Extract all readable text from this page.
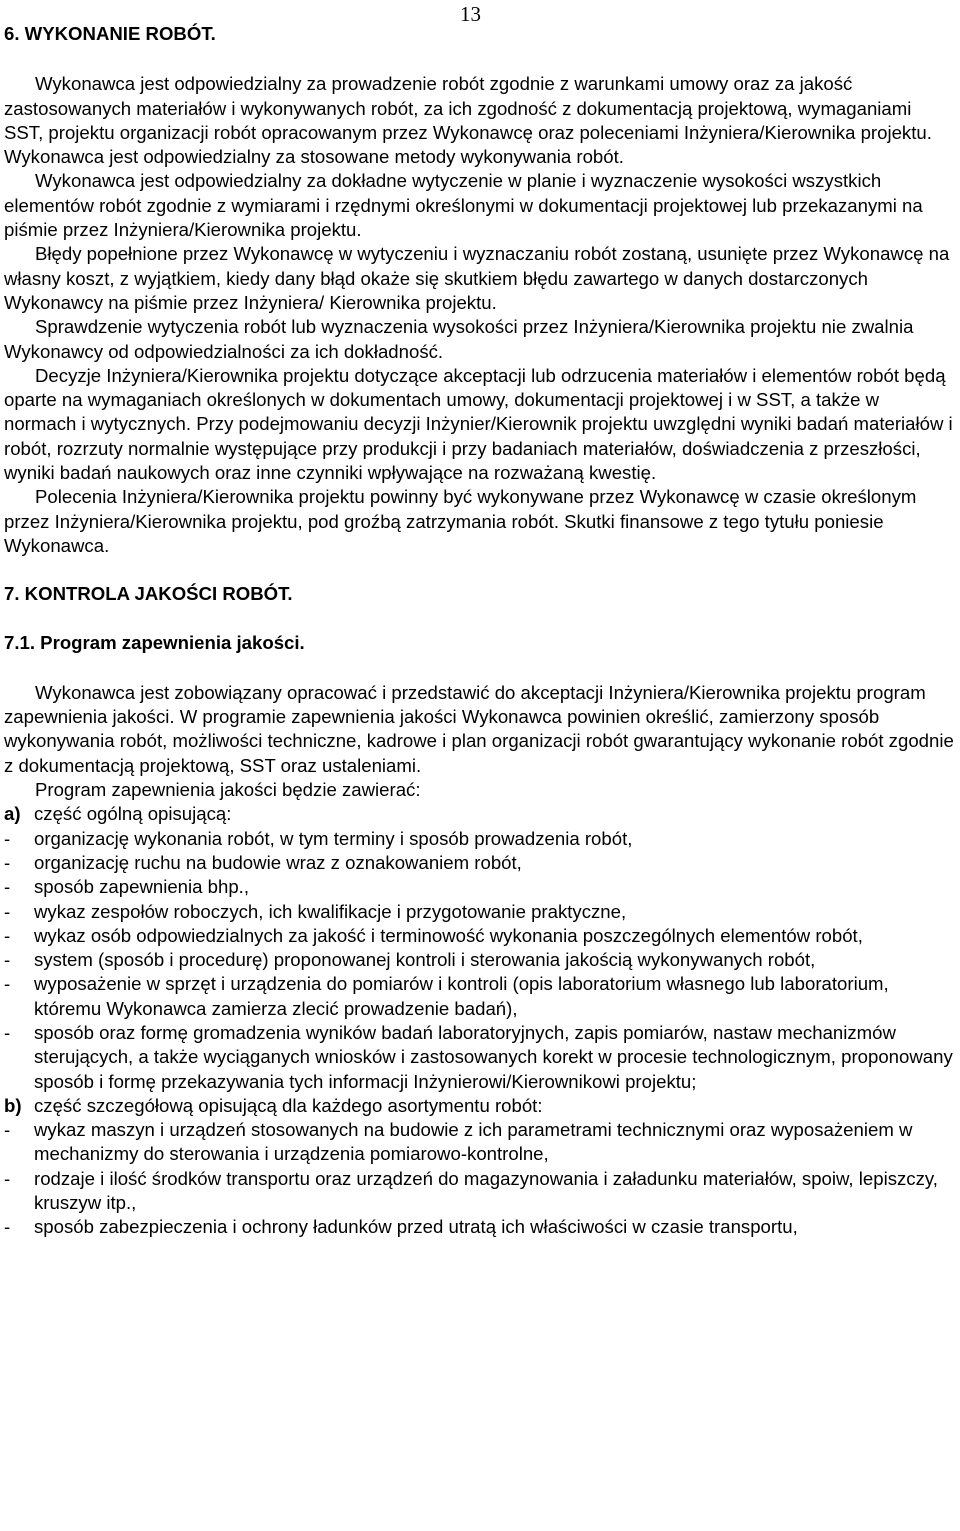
13

6. WYKONANIE ROBÓT.

Wykonawca jest odpowiedzialny za prowadzenie robót zgodnie z warunkami umowy oraz za jakość zastosowanych materiałów i wykonywanych robót, za ich zgodność z dokumentacją projektową, wymaganiami SST, projektu organizacji robót opracowanym przez Wykonawcę oraz poleceniami Inżyniera/Kierownika projektu. Wykonawca jest odpowiedzialny za stosowane metody wykonywania robót.

Wykonawca jest odpowiedzialny za dokładne wytyczenie w planie i wyznaczenie wysokości wszystkich elementów robót zgodnie z wymiarami i rzędnymi określonymi w dokumentacji projektowej lub przekazanymi na piśmie przez Inżyniera/Kierownika projektu.

Błędy popełnione przez Wykonawcę w wytyczeniu i wyznaczaniu robót zostaną, usunięte przez Wykonawcę na własny koszt, z wyjątkiem, kiedy dany błąd okaże się skutkiem błędu zawartego w danych dostarczonych Wykonawcy na piśmie przez Inżyniera/ Kierownika projektu.

Sprawdzenie wytyczenia robót lub wyznaczenia wysokości przez Inżyniera/Kierownika projektu nie zwalnia Wykonawcy od odpowiedzialności za ich dokładność.

Decyzje Inżyniera/Kierownika projektu dotyczące akceptacji lub odrzucenia materiałów i elementów robót będą oparte na wymaganiach określonych w dokumentach umowy, dokumentacji projektowej i w SST, a także w normach i wytycznych. Przy podejmowaniu decyzji Inżynier/Kierownik projektu uwzględni wyniki badań materiałów i robót, rozrzuty normalnie występujące przy produkcji i przy badaniach materiałów, doświadczenia z przeszłości, wyniki badań naukowych oraz inne czynniki wpływające na rozważaną kwestię.

Polecenia Inżyniera/Kierownika projektu powinny być wykonywane przez Wykonawcę w czasie określonym przez Inżyniera/Kierownika projektu, pod groźbą zatrzymania robót. Skutki finansowe z tego tytułu poniesie Wykonawca.

7. KONTROLA JAKOŚCI ROBÓT.

7.1. Program zapewnienia jakości.

Wykonawca jest zobowiązany opracować i przedstawić do akceptacji Inżyniera/Kierownika projektu program zapewnienia jakości. W programie zapewnienia jakości Wykonawca powinien określić, zamierzony sposób wykonywania robót, możliwości techniczne, kadrowe i plan organizacji robót gwarantujący wykonanie robót zgodnie z dokumentacją projektową, SST oraz ustaleniami.

Program zapewnienia jakości będzie zawierać:

a) część ogólną opisującą:
-	organizację wykonania robót, w tym terminy i sposób prowadzenia robót,
-	organizację ruchu na budowie wraz z oznakowaniem robót,
-	sposób zapewnienia bhp.,
-	wykaz zespołów roboczych, ich kwalifikacje i przygotowanie praktyczne,
-	wykaz osób odpowiedzialnych za jakość i terminowość wykonania poszczególnych elementów robót,
-	system (sposób i procedurę) proponowanej kontroli i sterowania jakością wykonywanych robót,
-	wyposażenie w sprzęt i urządzenia do pomiarów i kontroli (opis laboratorium własnego lub laboratorium, któremu Wykonawca zamierza zlecić prowadzenie badań),
-	sposób oraz formę gromadzenia wyników badań laboratoryjnych, zapis pomiarów, nastaw mechanizmów sterujących, a także wyciąganych wniosków i zastosowanych korekt w procesie technologicznym, proponowany sposób i formę przekazywania tych informacji Inżynierowi/Kierownikowi projektu;
b) część szczegółową opisującą dla każdego asortymentu robót:
-	wykaz maszyn i urządzeń stosowanych na budowie z ich parametrami technicznymi oraz wyposażeniem w mechanizmy do sterowania i urządzenia pomiarowo-kontrolne,
-	rodzaje i ilość środków transportu oraz urządzeń do magazynowania i załadunku materiałów, spoiw, lepiszczy, kruszyw itp.,
-	sposób zabezpieczenia i ochrony ładunków przed utratą ich właściwości w czasie transportu,
